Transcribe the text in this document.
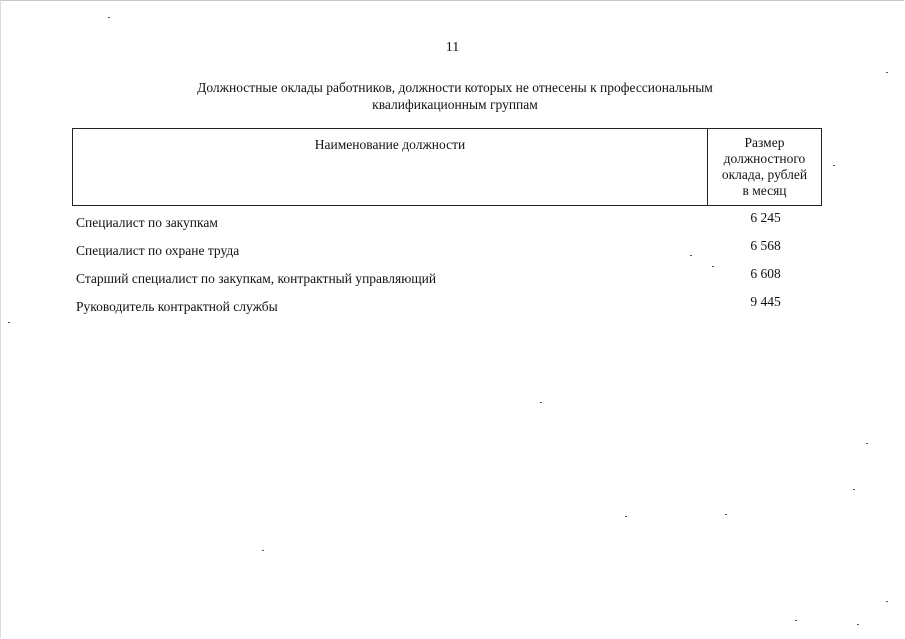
11
Должностные оклады работников, должности которых не отнесены к профессиональным
квалификационным группам
Наименование должности	Размер
должностного
оклада, рублей
в месяц
Специалист по закупкам	6 245
Специалист по охране труда	6 568
Старший специалист по закупкам, контрактный управляющий	6 608
Руководитель контрактной службы	9 445
